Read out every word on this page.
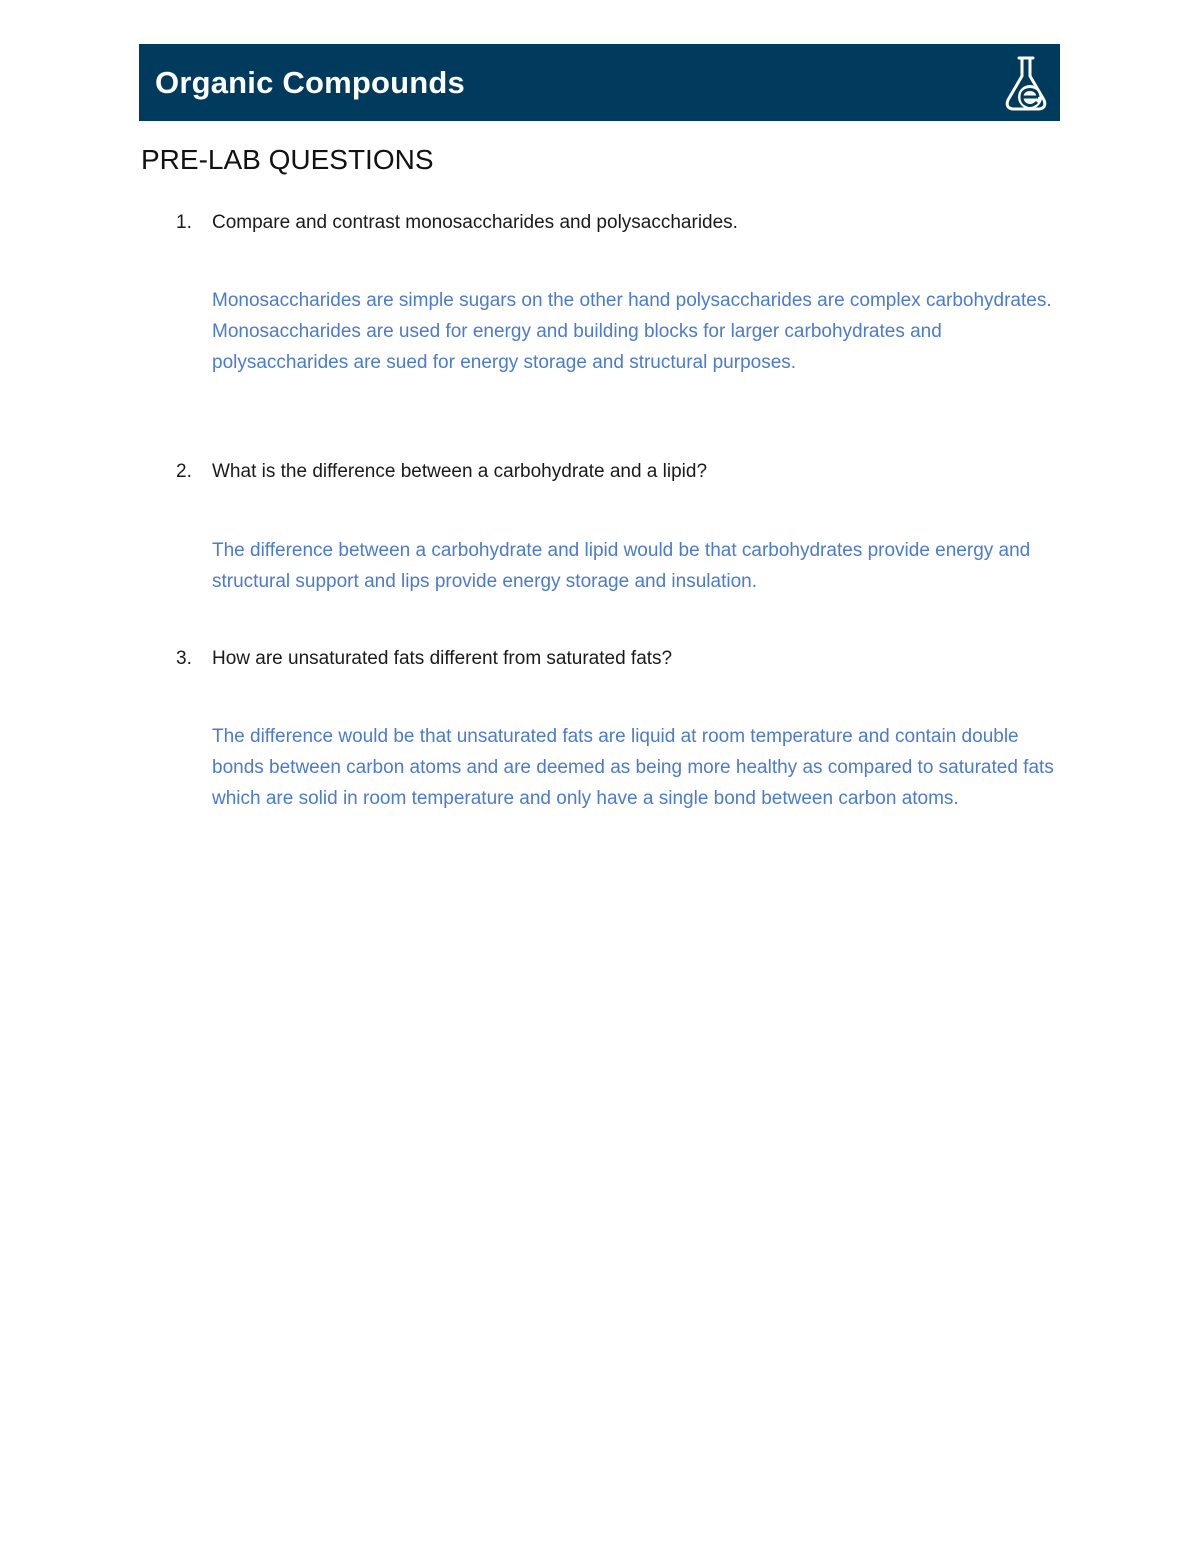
Organic Compounds
PRE-LAB QUESTIONS
1.	Compare and contrast monosaccharides and polysaccharides.
Monosaccharides are simple sugars on the other hand polysaccharides are complex carbohydrates. Monosaccharides are used for energy and building blocks for larger carbohydrates and polysaccharides are sued for energy storage and structural purposes.
2.	What is the difference between a carbohydrate and a lipid?
The difference between a carbohydrate and lipid would be that carbohydrates provide energy and structural support and lips provide energy storage and insulation.
3.	How are unsaturated fats different from saturated fats?
The difference would be that unsaturated fats are liquid at room temperature and contain double bonds between carbon atoms and are deemed as being more healthy as compared to saturated fats which are solid in room temperature and only have a single bond between carbon atoms.
